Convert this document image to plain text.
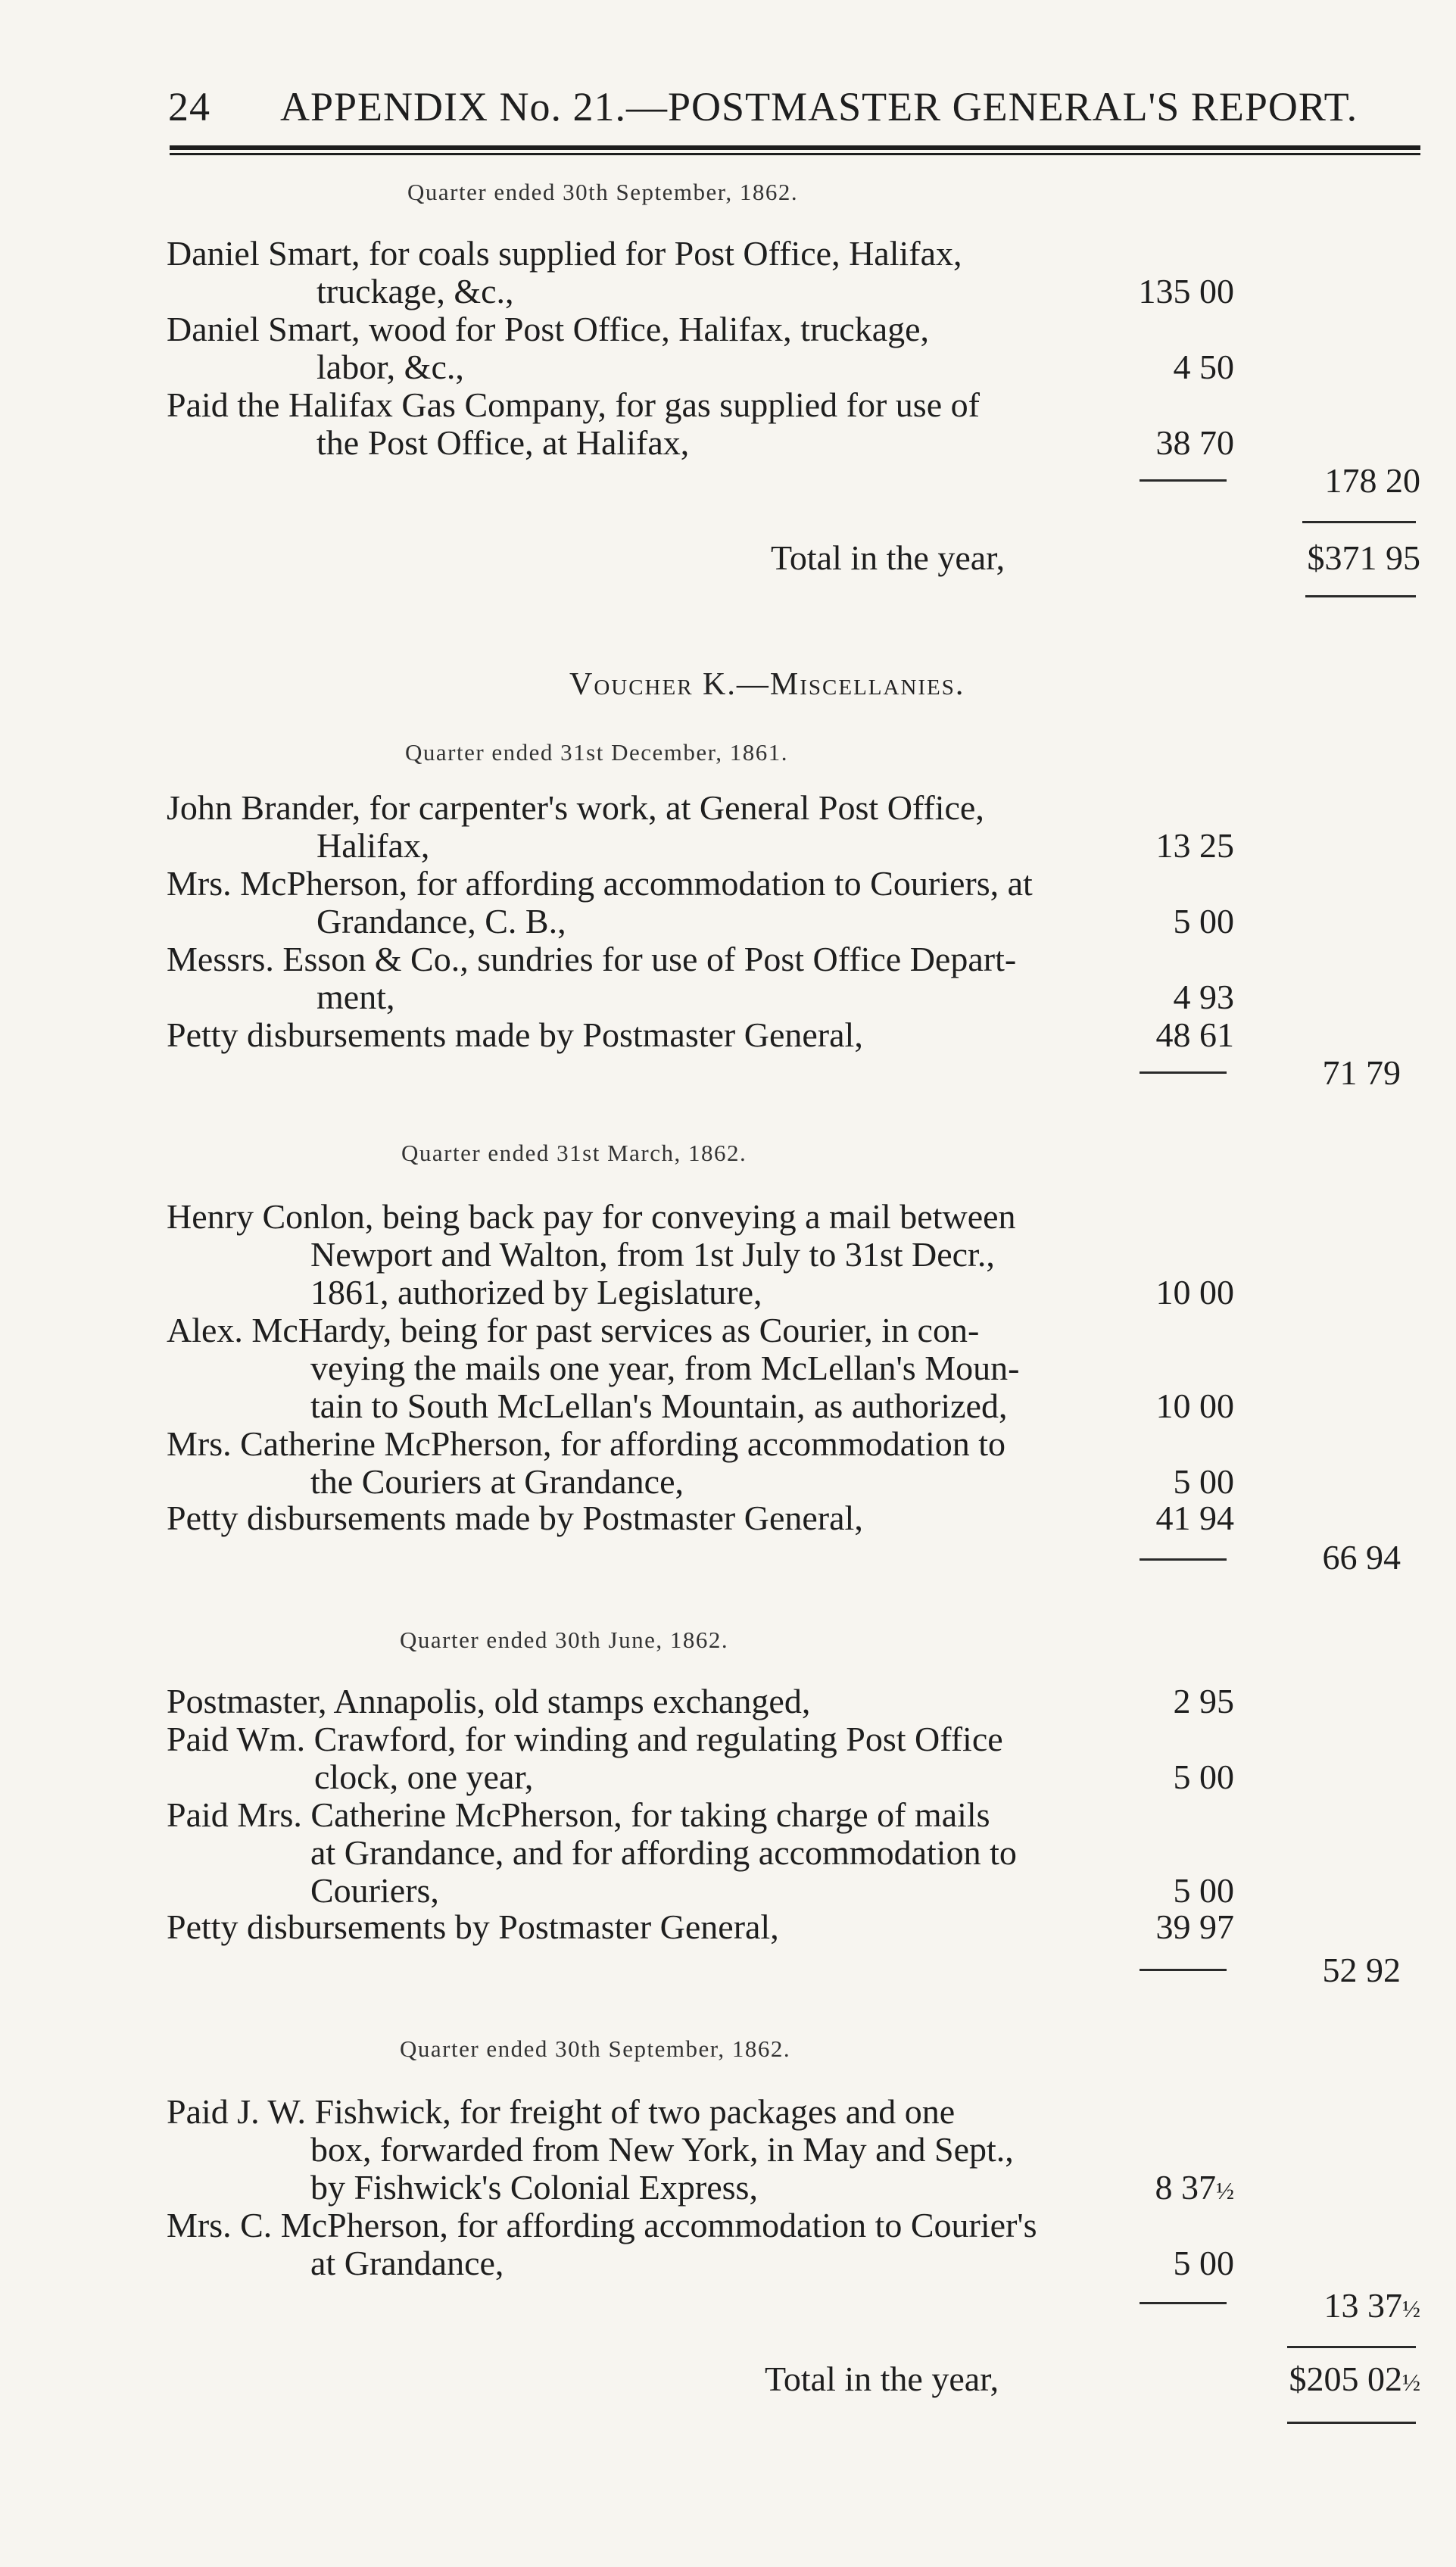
24 APPENDIX No. 21.—POSTMASTER GENERAL'S REPORT.
Quarter ended 30th September, 1862.
Daniel Smart, for coals supplied for Post Office, Halifax,
truckage, &c.,	135 00
Daniel Smart, wood for Post Office, Halifax, truckage,
labor, &c.,	4 50
Paid the Halifax Gas Company, for gas supplied for use of
the Post Office, at Halifax,	38 70
178 20
Total in the year,	$371 95
Voucher K.—Miscellanies.
Quarter ended 31st December, 1861.
John Brander, for carpenter's work, at General Post Office,
Halifax,	13 25
Mrs. McPherson, for affording accommodation to Couriers, at
Grandance, C. B.,	5 00
Messrs. Esson & Co., sundries for use of Post Office Depart-
ment,	4 93
Petty disbursements made by Postmaster General,	48 61
71 79
Quarter ended 31st March, 1862.
Henry Conlon, being back pay for conveying a mail between
Newport and Walton, from 1st July to 31st Decr.,
1861, authorized by Legislature,	10 00
Alex. McHardy, being for past services as Courier, in con-
veying the mails one year, from McLellan's Moun-
tain to South McLellan's Mountain, as authorized,	10 00
Mrs. Catherine McPherson, for affording accommodation to
the Couriers at Grandance,	5 00
Petty disbursements made by Postmaster General,	41 94
66 94
Quarter ended 30th June, 1862.
Postmaster, Annapolis, old stamps exchanged,	2 95
Paid Wm. Crawford, for winding and regulating Post Office
clock, one year,	5 00
Paid Mrs. Catherine McPherson, for taking charge of mails
at Grandance, and for affording accommodation to
Couriers,	5 00
Petty disbursements by Postmaster General,	39 97
52 92
Quarter ended 30th September, 1862.
Paid J. W. Fishwick, for freight of two packages and one
box, forwarded from New York, in May and Sept.,
by Fishwick's Colonial Express,	8 37½
Mrs. C. McPherson, for affording accommodation to Courier's
at Grandance,	5 00
13 37½
Total in the year,	$205 02½
